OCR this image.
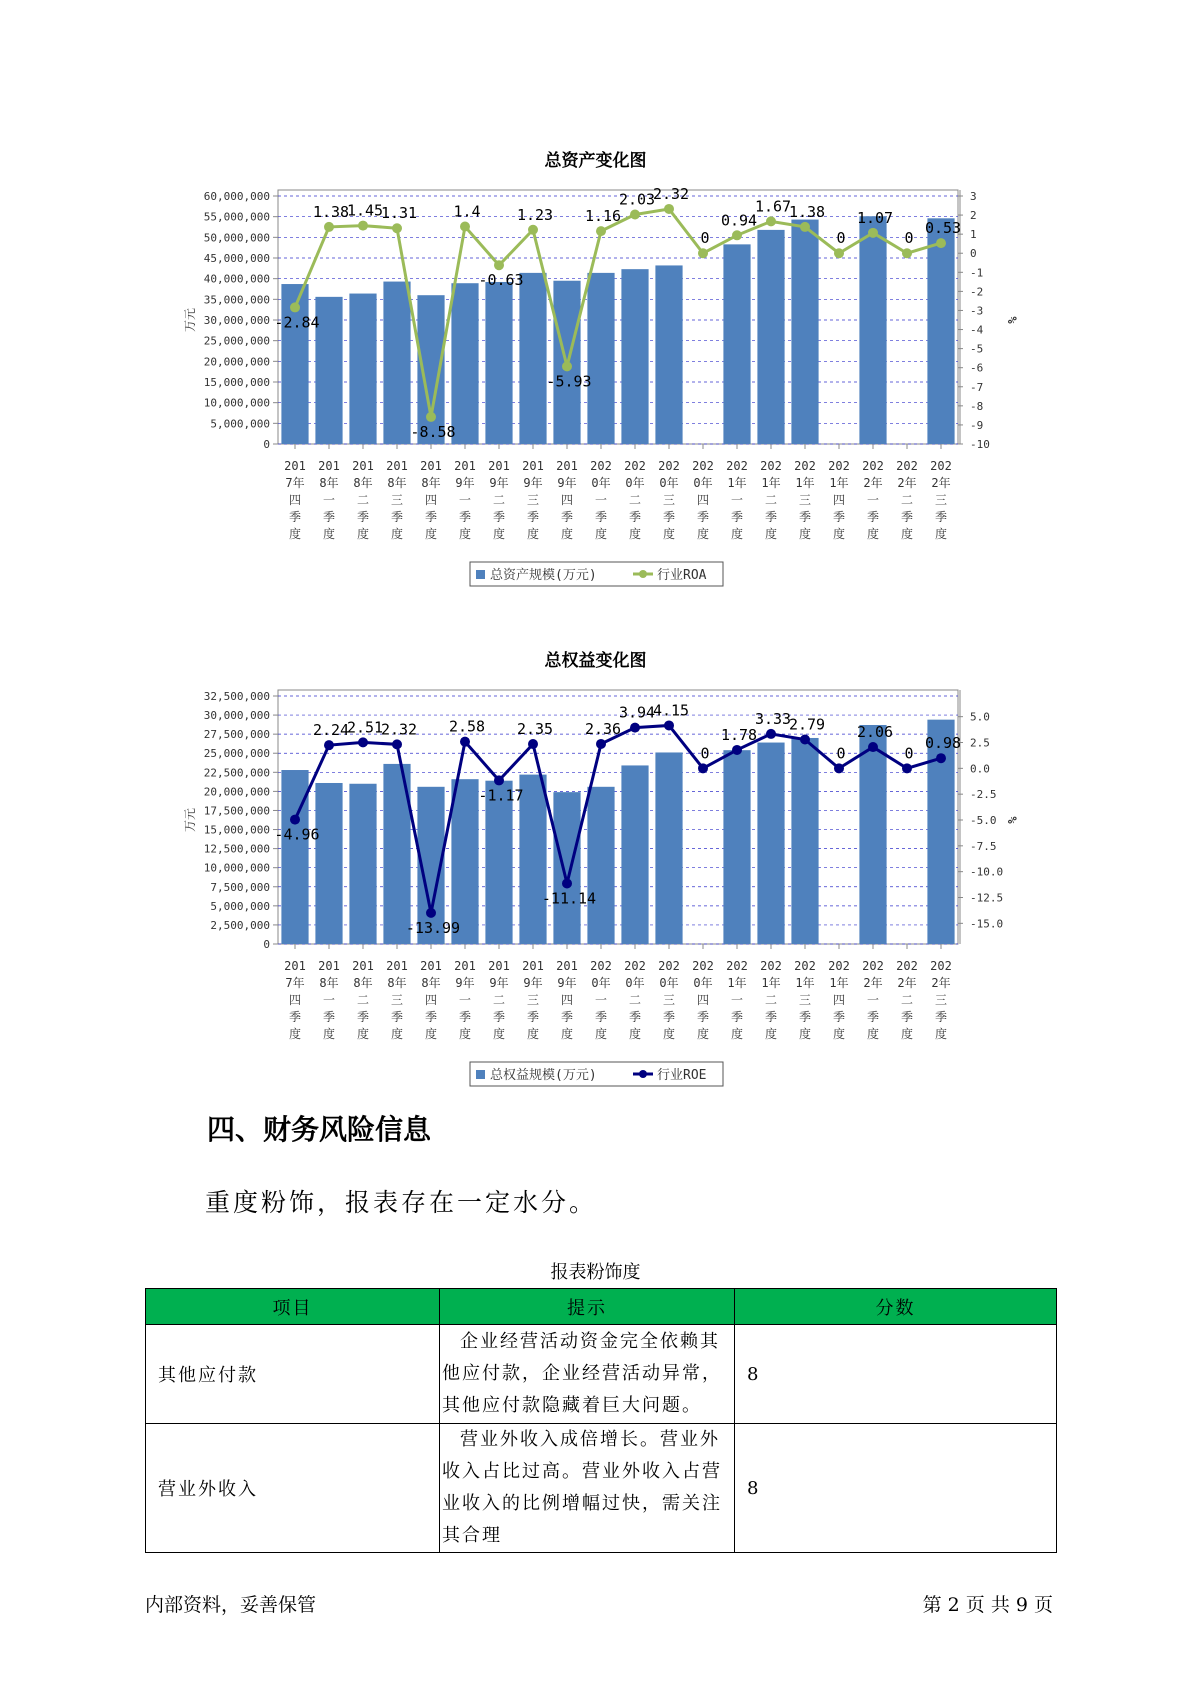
总资产变化图
60,000,000
55,000,000
50,000,000
45,000,000
40,000,000
35,000,000
30,000,000
25,000,000
20,000,000
15,000,000
10,000,000
5,000,000
0
3
2
1
0
-1
-2
-3
-4
-5
-6
-7
-8
-9
-10
万元	%
201
7年
四
季
度
201
8年
一
季
度
201
8年
二
季
度
201
8年
三
季
度
201
8年
四
季
度
201
9年
一
季
度
201
9年
二
季
度
201
9年
三
季
度
201
9年
四
季
度
202
0年
一
季
度
202
0年
二
季
度
202
0年
三
季
度
202
0年
四
季
度
202
1年
一
季
度
202
1年
二
季
度
202
1年
三
季
度
202
1年
四
季
度
202
2年
一
季
度
202
2年
二
季
度
202
2年
三
季
度
-2.84
1.38
1.45
1.31
-8.58
1.4
-0.63
1.23
-5.93
1.16
2.03
2.32
0
0.94
1.67
1.38
0
1.07
0
0.53
总资产规模(万元)	行业ROA
总权益变化图
32,500,000
30,000,000
27,500,000
25,000,000
22,500,000
20,000,000
17,500,000
15,000,000
12,500,000
10,000,000
7,500,000
5,000,000
2,500,000
0
5.0
2.5
0.0
-2.5
-5.0
-7.5
-10.0
-12.5
-15.0
万元	%
201
7年
四
季
度
201
8年
一
季
度
201
8年
二
季
度
201
8年
三
季
度
201
8年
四
季
度
201
9年
一
季
度
201
9年
二
季
度
201
9年
三
季
度
201
9年
四
季
度
202
0年
一
季
度
202
0年
二
季
度
202
0年
三
季
度
202
0年
四
季
度
202
1年
一
季
度
202
1年
二
季
度
202
1年
三
季
度
202
1年
四
季
度
202
2年
一
季
度
202
2年
二
季
度
202
2年
三
季
度
-4.96
2.24
2.51
2.32
-13.99
2.58
-1.17
2.35
-11.14
2.36
3.94
4.15
0
1.78
3.33
2.79
0
2.06
0
0.98
总权益规模(万元)	行业ROE
四、财务风险信息
重度粉饰，报表存在一定水分。
报表粉饰度
项目	提示	分数
其他应付款	企业经营活动资金完全依赖其他应付款，企业经营活动异常，其他应付款隐藏着巨大问题。	8
营业外收入	营业外收入成倍增长。营业外收入占比过高。营业外收入占营业收入的比例增幅过快，需关注其合理	8
内部资料，妥善保管	第 2 页 共 9 页
